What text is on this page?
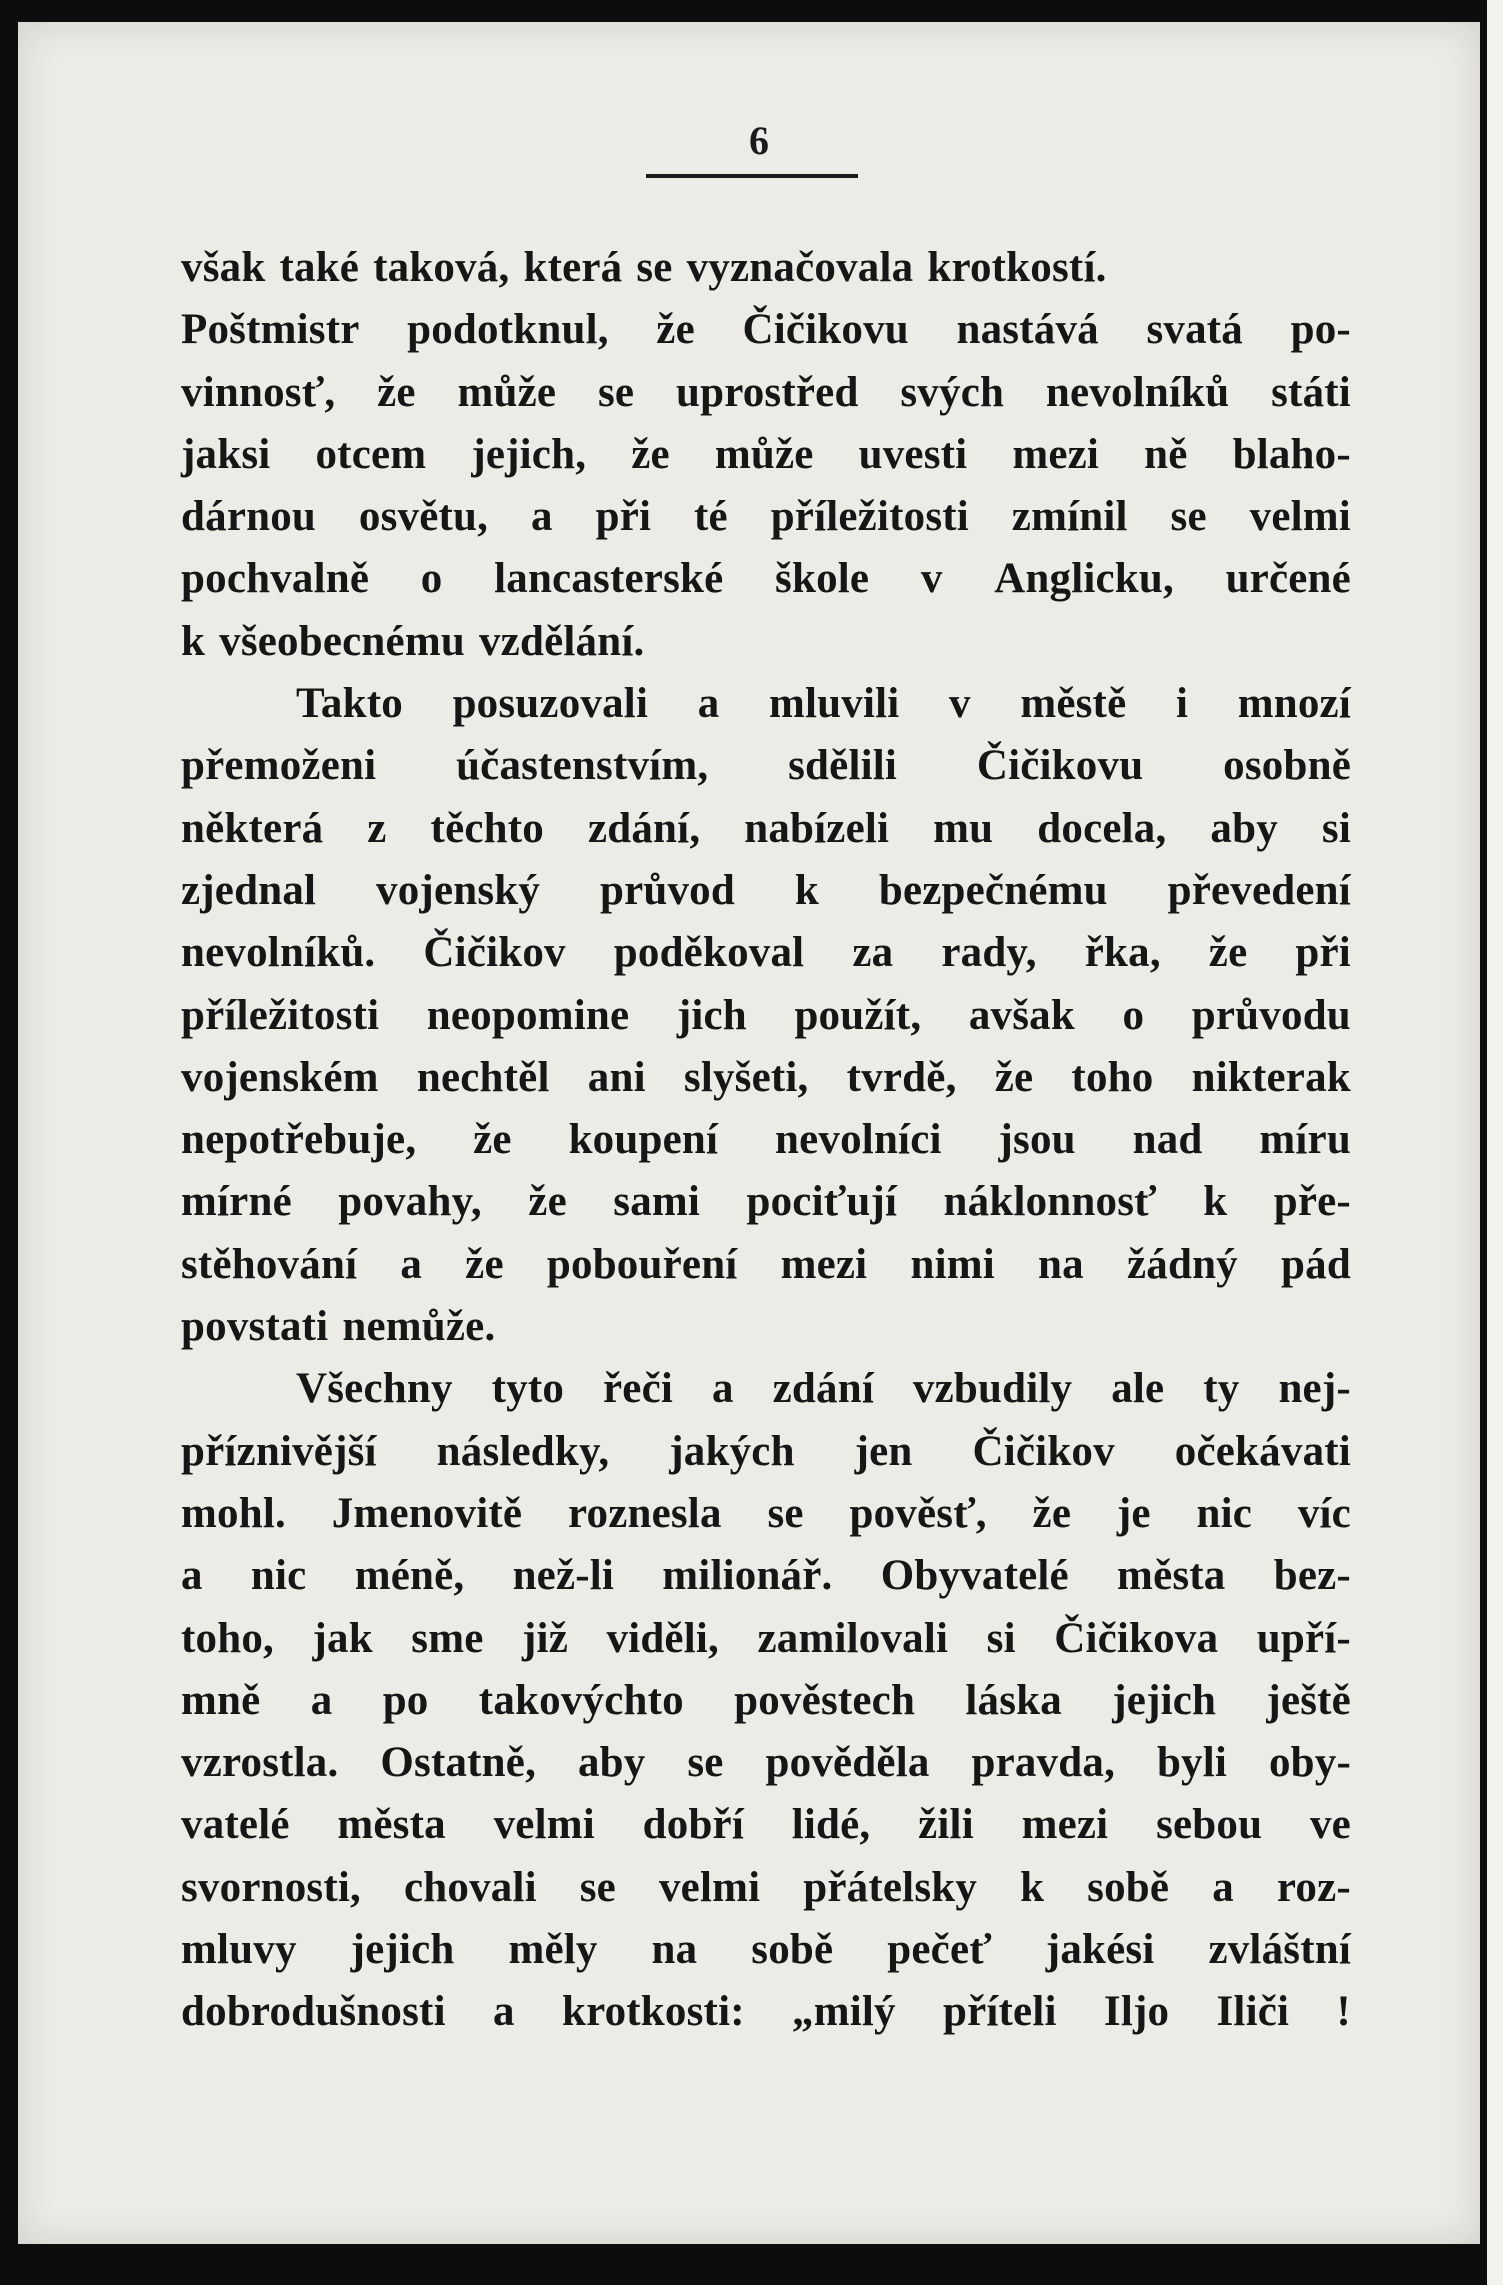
6
však také taková, která se vyznačovala krotkostí.
Poštmistr podotknul, že Čičikovu nastává svatá po-
vinnosť, že může se uprostřed svých nevolníků státi
jaksi otcem jejich, že může uvesti mezi ně blaho-
dárnou osvětu, a při té příležitosti zmínil se velmi
pochvalně o lancasterské škole v Anglicku, určené
k všeobecnému vzdělání.
Takto posuzovali a mluvili v městě i mnozí
přemoženi účastenstvím, sdělili Čičikovu osobně
některá z těchto zdání, nabízeli mu docela, aby si
zjednal vojenský průvod k bezpečnému převedení
nevolníků. Čičikov poděkoval za rady, řka, že při
příležitosti neopomine jich použít, avšak o průvodu
vojenském nechtěl ani slyšeti, tvrdě, že toho nikterak
nepotřebuje, že koupení nevolníci jsou nad míru
mírné povahy, že sami pociťují náklonnosť k pře-
stěhování a že pobouření mezi nimi na žádný pád
povstati nemůže.
Všechny tyto řeči a zdání vzbudily ale ty nej-
příznivější následky, jakých jen Čičikov očekávati
mohl. Jmenovitě roznesla se pověsť, že je nic víc
a nic méně, než-li milionář. Obyvatelé města bez-
toho, jak sme již viděli, zamilovali si Čičikova upří-
mně a po takovýchto pověstech láska jejich ještě
vzrostla. Ostatně, aby se pověděla pravda, byli oby-
vatelé města velmi dobří lidé, žili mezi sebou ve
svornosti, chovali se velmi přátelsky k sobě a roz-
mluvy jejich měly na sobě pečeť jakési zvláštní
dobrodušnosti a krotkosti: „milý příteli Iljo Iliči !
